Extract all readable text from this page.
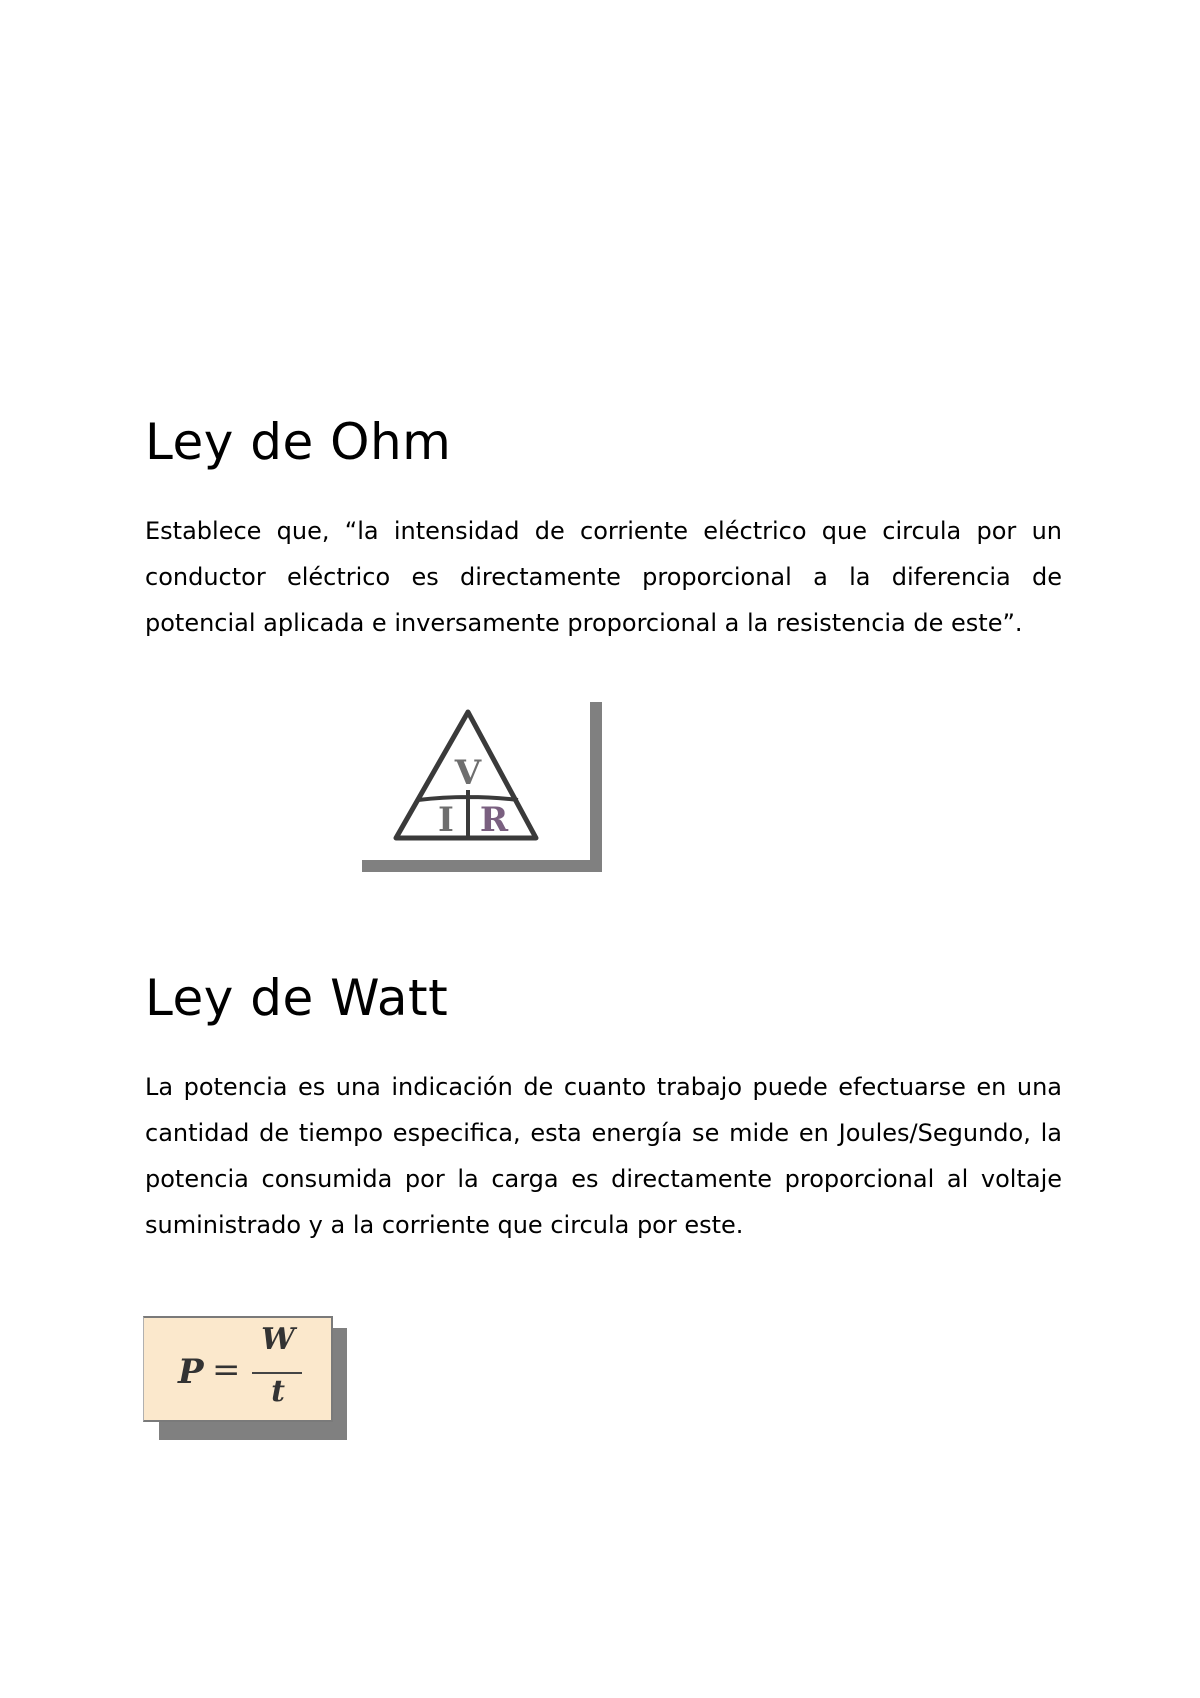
Ley de Ohm

Establece que, “la intensidad de corriente eléctrico que circula por un conductor eléctrico es directamente proporcional a la diferencia de potencial aplicada e inversamente proporcional a la resistencia de este”.

V
I R
Ley de Watt

La potencia es una indicación de cuanto trabajo puede efectuarse en una cantidad de tiempo especifica, esta energía se mide en Joules/Segundo, la potencia consumida por la carga es directamente proporcional al voltaje suministrado y a la corriente que circula por este.

P =
W
t
